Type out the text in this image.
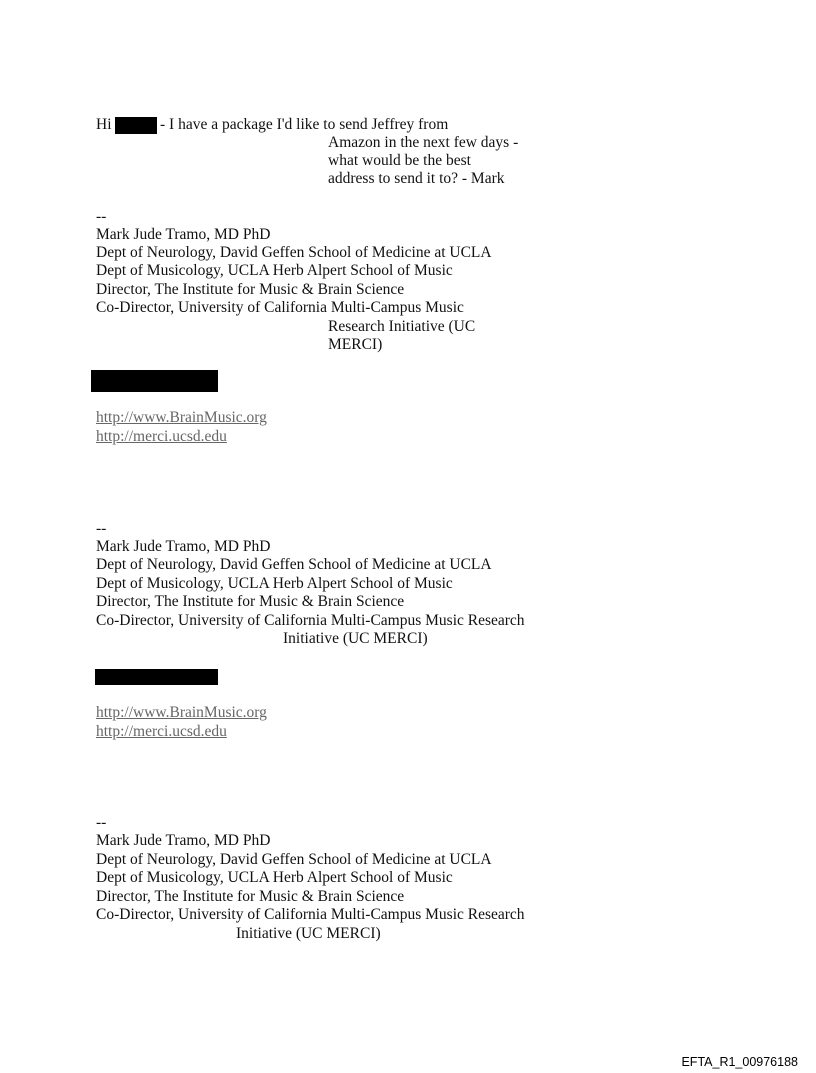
Hi	- I have a package I'd like to send Jeffrey from
Amazon in the next few days -
what would be the best
address to send it to? - Mark
--
Mark Jude Tramo, MD PhD
Dept of Neurology, David Geffen School of Medicine at UCLA
Dept of Musicology, UCLA Herb Alpert School of Music
Director, The Institute for Music & Brain Science
Co-Director, University of California Multi-Campus Music
Research Initiative (UC
MERCI)
http://www.BrainMusic.org
http://merci.ucsd.edu
--
Mark Jude Tramo, MD PhD
Dept of Neurology, David Geffen School of Medicine at UCLA
Dept of Musicology, UCLA Herb Alpert School of Music
Director, The Institute for Music & Brain Science
Co-Director, University of California Multi-Campus Music Research
Initiative (UC MERCI)
http://www.BrainMusic.org
http://merci.ucsd.edu
--
Mark Jude Tramo, MD PhD
Dept of Neurology, David Geffen School of Medicine at UCLA
Dept of Musicology, UCLA Herb Alpert School of Music
Director, The Institute for Music & Brain Science
Co-Director, University of California Multi-Campus Music Research
Initiative (UC MERCI)
EFTA_R1_00976188
